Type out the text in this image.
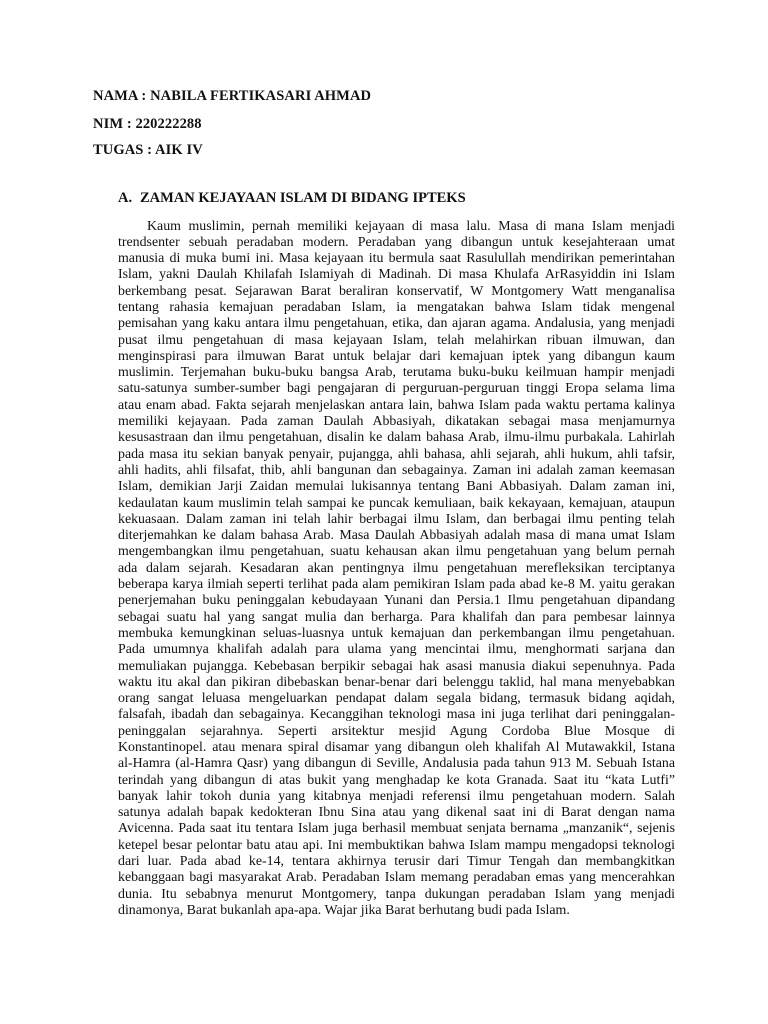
NAMA : NABILA FERTIKASARI AHMAD
NIM : 220222288
TUGAS : AIK IV
A. ZAMAN KEJAYAAN ISLAM DI BIDANG IPTEKS
Kaum muslimin, pernah memiliki kejayaan di masa lalu. Masa di mana Islam menjadi
trendsenter sebuah peradaban modern. Peradaban yang dibangun untuk kesejahteraan umat
manusia di muka bumi ini. Masa kejayaan itu bermula saat Rasulullah mendirikan pemerintahan
Islam, yakni Daulah Khilafah Islamiyah di Madinah. Di masa Khulafa ArRasyiddin ini Islam
berkembang pesat. Sejarawan Barat beraliran konservatif, W Montgomery Watt menganalisa
tentang rahasia kemajuan peradaban Islam, ia mengatakan bahwa Islam tidak mengenal
pemisahan yang kaku antara ilmu pengetahuan, etika, dan ajaran agama. Andalusia, yang menjadi
pusat ilmu pengetahuan di masa kejayaan Islam, telah melahirkan ribuan ilmuwan, dan
menginspirasi para ilmuwan Barat untuk belajar dari kemajuan iptek yang dibangun kaum
muslimin. Terjemahan buku-buku bangsa Arab, terutama buku-buku keilmuan hampir menjadi
satu-satunya sumber-sumber bagi pengajaran di perguruan-perguruan tinggi Eropa selama lima
atau enam abad. Fakta sejarah menjelaskan antara lain, bahwa Islam pada waktu pertama kalinya
memiliki kejayaan. Pada zaman Daulah Abbasiyah, dikatakan sebagai masa menjamurnya
kesusastraan dan ilmu pengetahuan, disalin ke dalam bahasa Arab, ilmu-ilmu purbakala. Lahirlah
pada masa itu sekian banyak penyair, pujangga, ahli bahasa, ahli sejarah, ahli hukum, ahli tafsir,
ahli hadits, ahli filsafat, thib, ahli bangunan dan sebagainya. Zaman ini adalah zaman keemasan
Islam, demikian Jarji Zaidan memulai lukisannya tentang Bani Abbasiyah. Dalam zaman ini,
kedaulatan kaum muslimin telah sampai ke puncak kemuliaan, baik kekayaan, kemajuan, ataupun
kekuasaan. Dalam zaman ini telah lahir berbagai ilmu Islam, dan berbagai ilmu penting telah
diterjemahkan ke dalam bahasa Arab. Masa Daulah Abbasiyah adalah masa di mana umat Islam
mengembangkan ilmu pengetahuan, suatu kehausan akan ilmu pengetahuan yang belum pernah
ada dalam sejarah. Kesadaran akan pentingnya ilmu pengetahuan merefleksikan terciptanya
beberapa karya ilmiah seperti terlihat pada alam pemikiran Islam pada abad ke-8 M. yaitu gerakan
penerjemahan buku peninggalan kebudayaan Yunani dan Persia.1 Ilmu pengetahuan dipandang
sebagai suatu hal yang sangat mulia dan berharga. Para khalifah dan para pembesar lainnya
membuka kemungkinan seluas-luasnya untuk kemajuan dan perkembangan ilmu pengetahuan.
Pada umumnya khalifah adalah para ulama yang mencintai ilmu, menghormati sarjana dan
memuliakan pujangga. Kebebasan berpikir sebagai hak asasi manusia diakui sepenuhnya. Pada
waktu itu akal dan pikiran dibebaskan benar-benar dari belenggu taklid, hal mana menyebabkan
orang sangat leluasa mengeluarkan pendapat dalam segala bidang, termasuk bidang aqidah,
falsafah, ibadah dan sebagainya. Kecanggihan teknologi masa ini juga terlihat dari peninggalan-
peninggalan sejarahnya. Seperti arsitektur mesjid Agung Cordoba Blue Mosque di
Konstantinopel. atau menara spiral disamar yang dibangun oleh khalifah Al Mutawakkil, Istana
al-Hamra (al-Hamra Qasr) yang dibangun di Seville, Andalusia pada tahun 913 M. Sebuah Istana
terindah yang dibangun di atas bukit yang menghadap ke kota Granada. Saat itu “kata Lutfi”
banyak lahir tokoh dunia yang kitabnya menjadi referensi ilmu pengetahuan modern. Salah
satunya adalah bapak kedokteran Ibnu Sina atau yang dikenal saat ini di Barat dengan nama
Avicenna. Pada saat itu tentara Islam juga berhasil membuat senjata bernama „manzanik“, sejenis
ketepel besar pelontar batu atau api. Ini membuktikan bahwa Islam mampu mengadopsi teknologi
dari luar. Pada abad ke-14, tentara akhirnya terusir dari Timur Tengah dan membangkitkan
kebanggaan bagi masyarakat Arab. Peradaban Islam memang peradaban emas yang mencerahkan
dunia. Itu sebabnya menurut Montgomery, tanpa dukungan peradaban Islam yang menjadi
dinamonya, Barat bukanlah apa-apa. Wajar jika Barat berhutang budi pada Islam.
